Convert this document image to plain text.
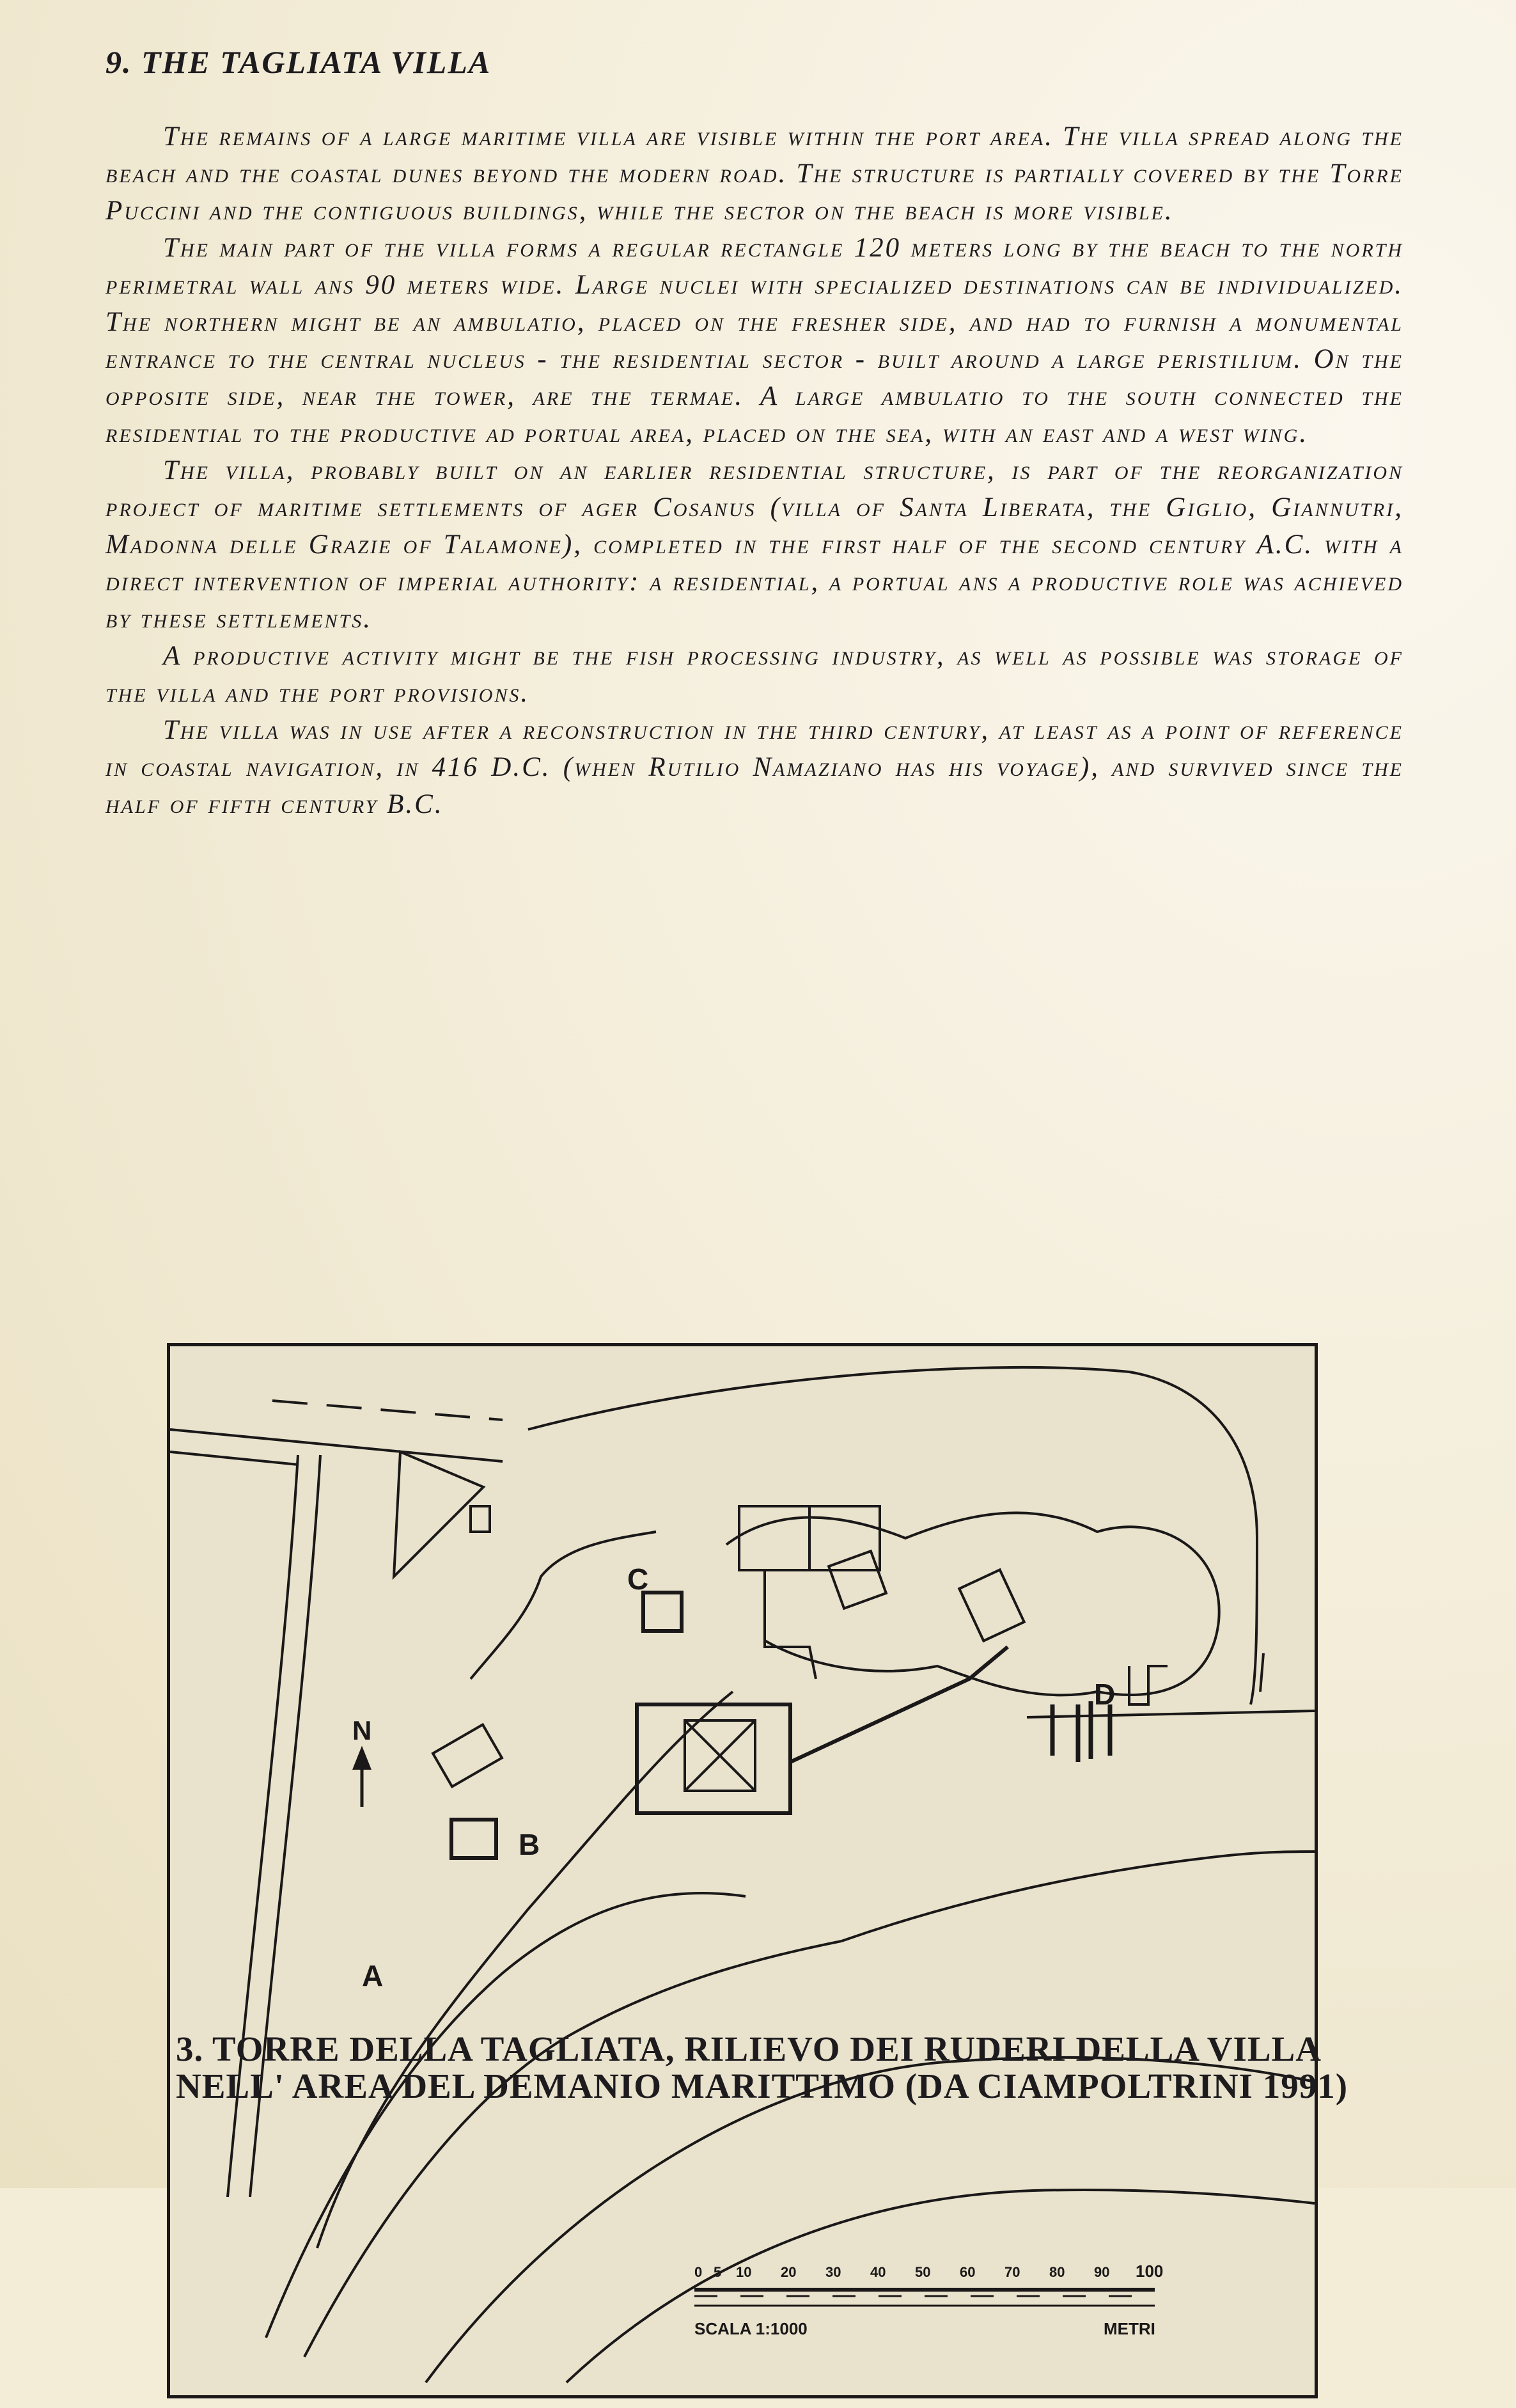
9. THE TAGLIATA VILLA

The remains of a large maritime villa are visible within the port area. The villa spread along the beach and the coastal dunes beyond the modern road. The structure is partially covered by the Torre Puccini and the contiguous buildings, while the sector on the beach is more visible.

The main part of the villa forms a regular rectangle 120 meters long by the beach to the north perimetral wall ans 90 meters wide. Large nuclei with specialized destinations can be individualized. The northern might be an ambulatio, placed on the fresher side, and had to furnish a monumental entrance to the central nucleus - the residential sector - built around a large peristilium. On the opposite side, near the tower, are the termae. A large ambulatio to the south connected the residential to the productive ad portual area, placed on the sea, with an east and a west wing.

The villa, probably built on an earlier residential structure, is part of the reorganization project of maritime settlements of ager Cosanus (villa of Santa Liberata, the Giglio, Giannutri, Madonna delle Grazie of Talamone), completed in the first half of the second century A.C. with a direct intervention of imperial authority: a residential, a portual ans a productive role was achieved by these settlements.

A productive activity might be the fish processing industry, as well as possible was storage of the villa and the port provisions.

The villa was in use after a reconstruction in the third century, at least as a point of reference in coastal navigation, in 416 D.C. (when Rutilio Namaziano has his voyage), and survived since the half of fifth century B.C.

N
C
B
A
D
0 5 10 20 30 40 50 60 70 80 90 100
SCALA 1:1000	METRI
3. TORRE DELLA TAGLIATA, RILIEVO DEI RUDERI DELLA VILLA NELL' AREA DEL DEMANIO MARITTIMO (DA CIAMPOLTRINI 1991)
